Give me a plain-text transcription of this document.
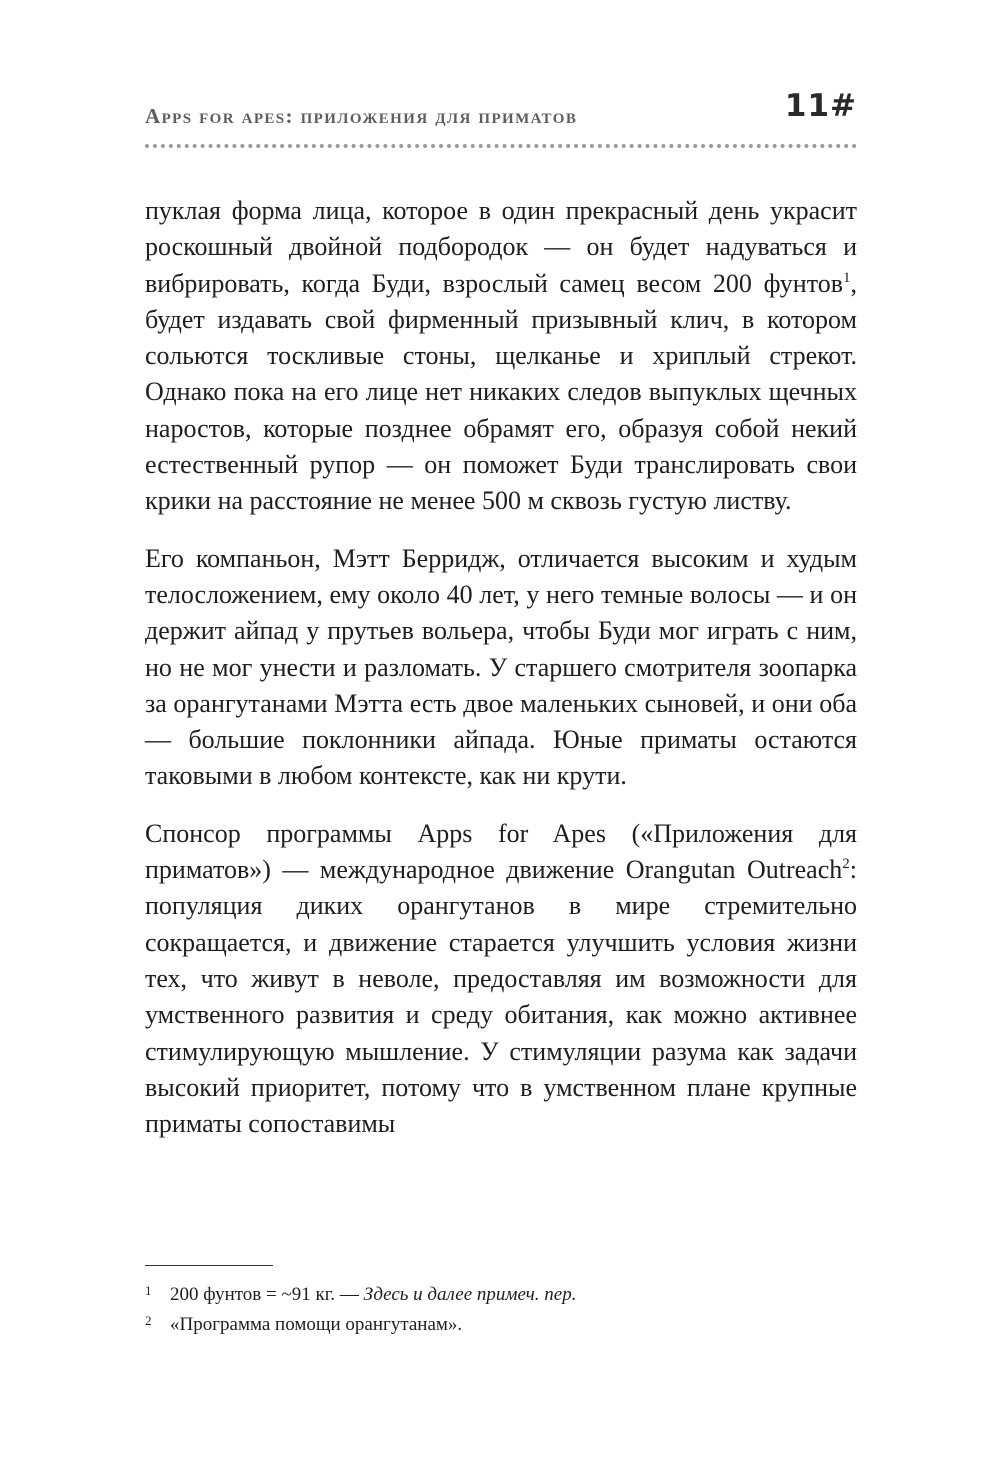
Apps for apes: приложения для приматов	11#

пуклая форма лица, которое в один прекрасный день украсит роскошный двойной подбородок — он будет надуваться и вибрировать, когда Буди, взрослый самец весом 200 фунтов$^1$, будет издавать свой фирменный призывный клич, в котором сольются тоскливые стоны, щелканье и хриплый стрекот. Однако пока на его лице нет никаких следов выпуклых щечных наростов, которые позднее обрамят его, образуя собой некий естественный рупор — он поможет Буди транслировать свои крики на расстояние не менее 500 м сквозь густую листву.

Его компаньон, Мэтт Берридж, отличается высоким и худым телосложением, ему около 40 лет, у него темные волосы — и он держит айпад у прутьев вольера, чтобы Буди мог играть с ним, но не мог унести и разломать. У старшего смотрителя зоопарка за орангутанами Мэтта есть двое маленьких сыновей, и они оба — большие поклонники айпада. Юные приматы остаются таковыми в любом контексте, как ни крути.

Спонсор программы Apps for Apes («Приложения для приматов») — международное движение Orangutan Outreach$^2$: популяция диких орангутанов в мире стремительно сокращается, и движение старается улучшить условия жизни тех, что живут в неволе, предоставляя им возможности для умственного развития и среду обитания, как можно активнее стимулирующую мышление. У стимуляции разума как задачи высокий приоритет, потому что в умственном плане крупные приматы сопоставимы

1 200 фунтов = ~91 кг. — Здесь и далее примеч. пер.
2 «Программа помощи орангутанам».
